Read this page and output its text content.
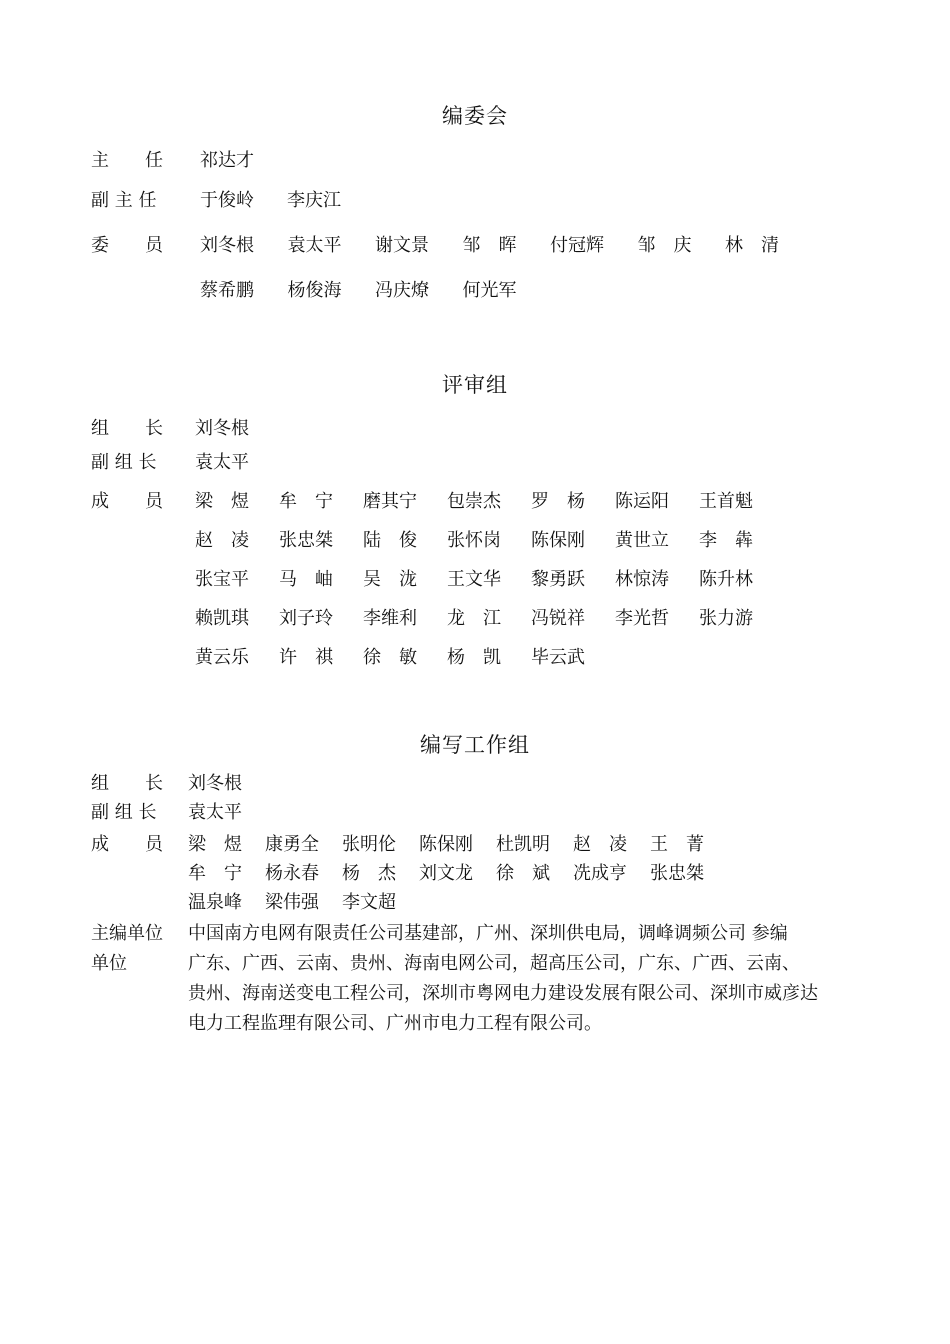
编委会
主　　任 祁达才
副 主 任 于俊岭 李庆江
委　　员 刘冬根 袁太平 谢文景 邹　晖 付冠辉 邹　庆 林　清
蔡希鹏 杨俊海 冯庆燎 何光军
评审组
组　　长 刘冬根
副 组 长 袁太平
成　　员 梁　煜 牟　宁 磨其宁 包崇杰 罗　杨 陈运阳 王首魁
赵　凌 张忠桀 陆　俊 张怀岗 陈保刚 黄世立 李　犇
张宝平 马　岫 吴　泷 王文华 黎勇跃 林惊涛 陈升林
赖凯琪 刘子玲 李维利 龙　江 冯锐祥 李光哲 张力游
黄云乐 许　祺 徐　敏 杨　凯 毕云武
编写工作组
组　　长 刘冬根
副 组 长 袁太平
成　　员 梁　煜 康勇全 张明伦 陈保刚 杜凯明 赵　凌 王　菁
牟　宁 杨永春 杨　杰 刘文龙 徐　斌 冼成亨 张忠桀
温泉峰 梁伟强 李文超
主编单位
单位
中国南方电网有限责任公司基建部，广州、深圳供电局，调峰调频公司 参编
广东、广西、云南、贵州、海南电网公司，超高压公司，广东、广西、云南、
贵州、海南送变电工程公司，深圳市粤网电力建设发展有限公司、深圳市威彦达
电力工程监理有限公司、广州市电力工程有限公司。
